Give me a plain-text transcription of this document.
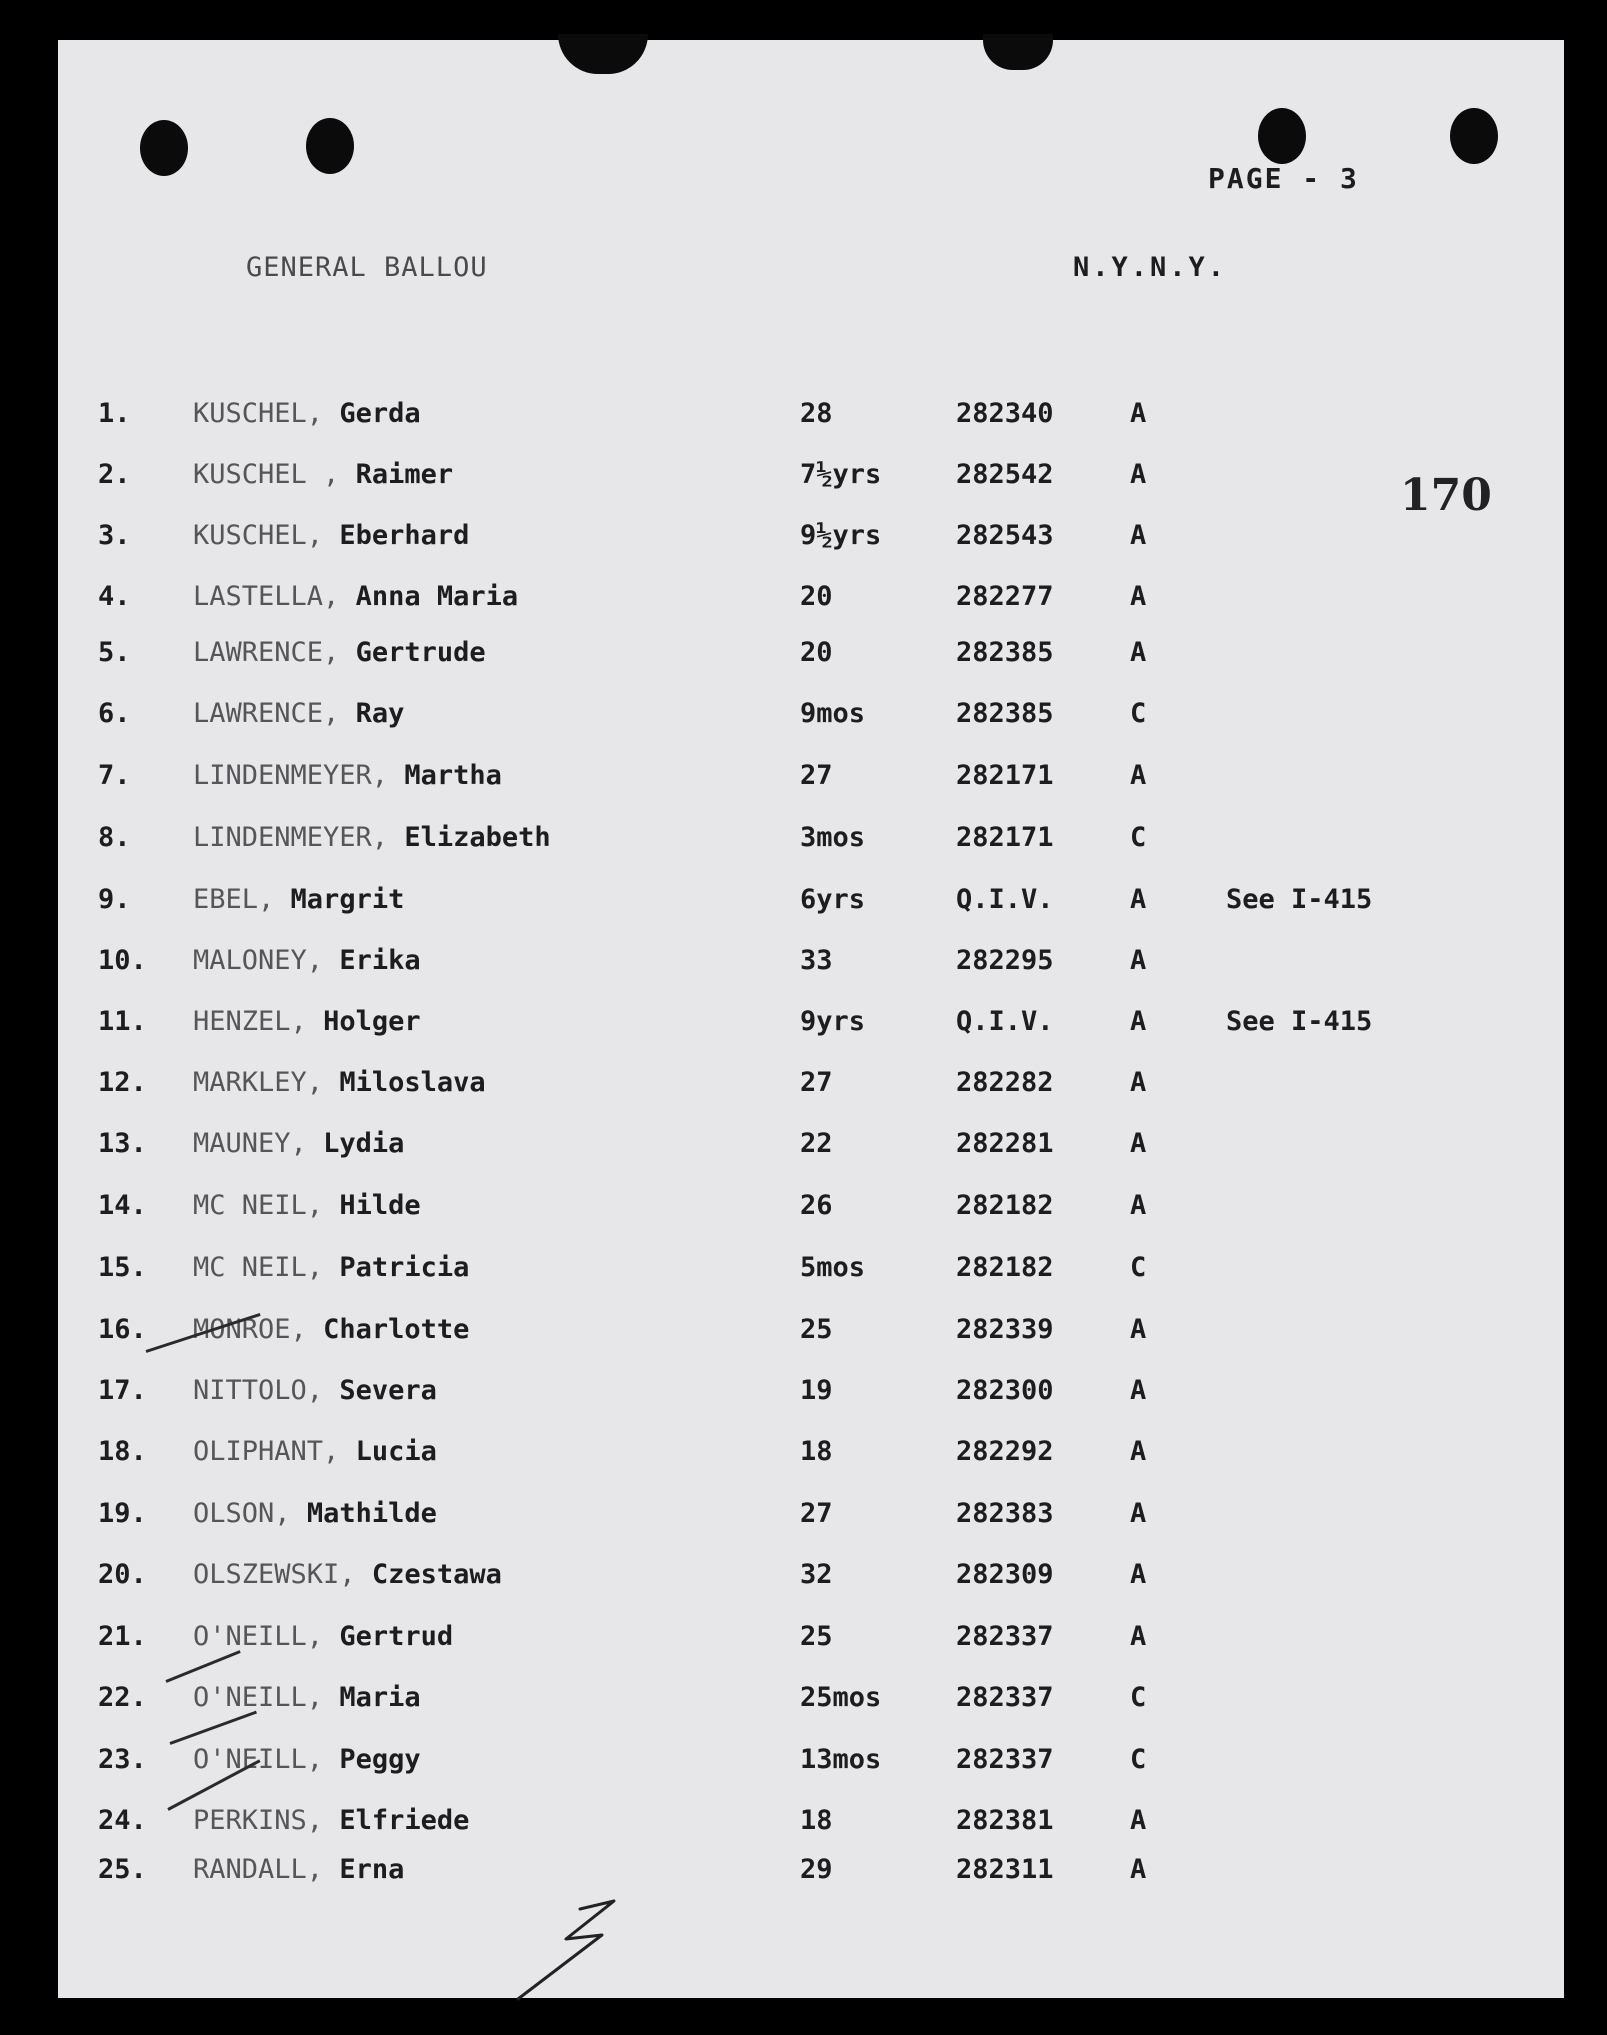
PAGE - 3
GENERAL BALLOU	N.Y.N.Y.
170
1.	KUSCHEL, Gerda	28	282340	A
2.	KUSCHEL , Raimer	7½yrs	282542	A
3.	KUSCHEL, Eberhard	9½yrs	282543	A
4.	LASTELLA, Anna Maria	20	282277	A
5.	LAWRENCE, Gertrude	20	282385	A
6.	LAWRENCE, Ray	9mos	282385	C
7.	LINDENMEYER, Martha	27	282171	A
8.	LINDENMEYER, Elizabeth	3mos	282171	C
9.	EBEL, Margrit	6yrs	Q.I.V.	A	See I-415
10.	MALONEY, Erika	33	282295	A
11.	HENZEL, Holger	9yrs	Q.I.V.	A	See I-415
12.	MARKLEY, Miloslava	27	282282	A
13.	MAUNEY, Lydia	22	282281	A
14.	MC NEIL, Hilde	26	282182	A
15.	MC NEIL, Patricia	5mos	282182	C
16.	MONROE, Charlotte	25	282339	A
17.	NITTOLO, Severa	19	282300	A
18.	OLIPHANT, Lucia	18	282292	A
19.	OLSON, Mathilde	27	282383	A
20.	OLSZEWSKI, Czestawa	32	282309	A
21.	O'NEILL, Gertrud	25	282337	A
22.	O'NEILL, Maria	25mos	282337	C
23.	O'NEILL, Peggy	13mos	282337	C
24.	PERKINS, Elfriede	18	282381	A
25.	RANDALL, Erna	29	282311	A
